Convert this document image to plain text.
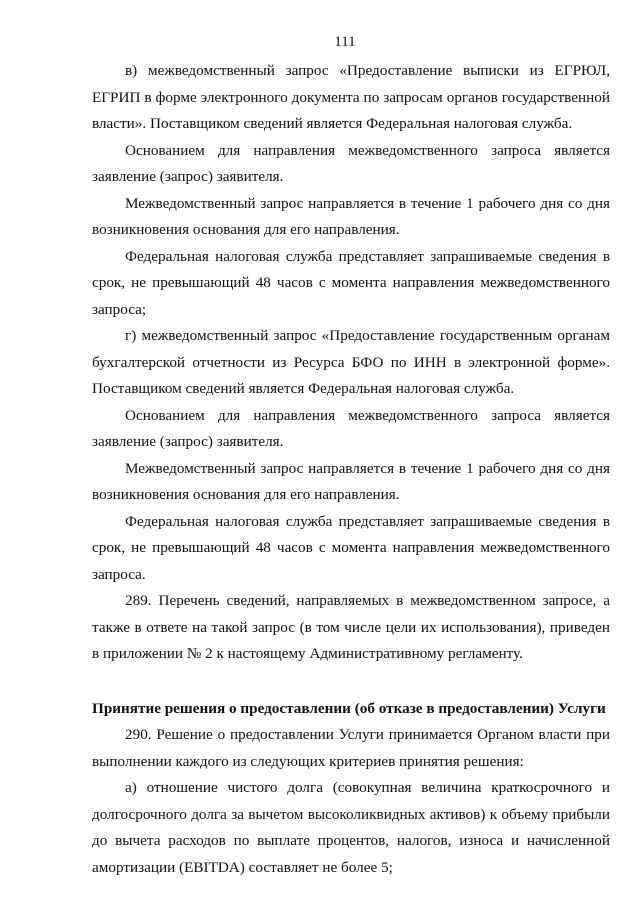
111

в) межведомственный запрос «Предоставление выписки из ЕГРЮЛ, ЕГРИП в форме электронного документа по запросам органов государственной власти». Поставщиком сведений является Федеральная налоговая служба.

Основанием для направления межведомственного запроса является заявление (запрос) заявителя.

Межведомственный запрос направляется в течение 1 рабочего дня со дня возникновения основания для его направления.

Федеральная налоговая служба представляет запрашиваемые сведения в срок, не превышающий 48 часов с момента направления межведомственного запроса;

г) межведомственный запрос «Предоставление государственным органам бухгалтерской отчетности из Ресурса БФО по ИНН в электронной форме». Поставщиком сведений является Федеральная налоговая служба.

Основанием для направления межведомственного запроса является заявление (запрос) заявителя.

Межведомственный запрос направляется в течение 1 рабочего дня со дня возникновения основания для его направления.

Федеральная налоговая служба представляет запрашиваемые сведения в срок, не превышающий 48 часов с момента направления межведомственного запроса.

289. Перечень сведений, направляемых в межведомственном запросе, а также в ответе на такой запрос (в том числе цели их использования), приведен в приложении № 2 к настоящему Административному регламенту.

Принятие решения о предоставлении (об отказе в предоставлении) Услуги

290. Решение о предоставлении Услуги принимается Органом власти при выполнении каждого из следующих критериев принятия решения:

а) отношение чистого долга (совокупная величина краткосрочного и долгосрочного долга за вычетом высоколиквидных активов) к объему прибыли до вычета расходов по выплате процентов, налогов, износа и начисленной амортизации (EBITDA) составляет не более 5;
